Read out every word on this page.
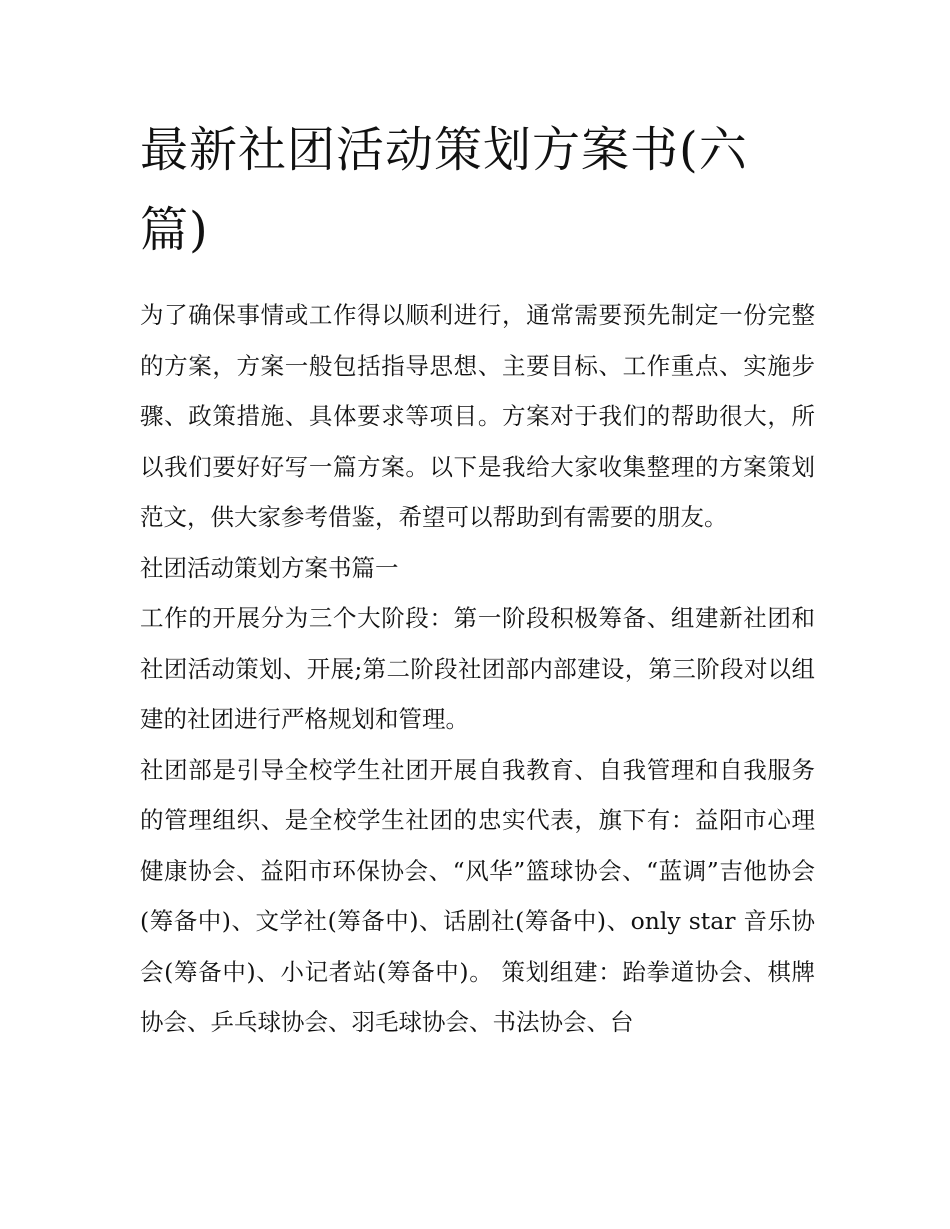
最新社团活动策划方案书(六篇)

为了确保事情或工作得以顺利进行，通常需要预先制定一份完整的方案，方案一般包括指导思想、主要目标、工作重点、实施步骤、政策措施、具体要求等项目。方案对于我们的帮助很大，所以我们要好好写一篇方案。以下是我给大家收集整理的方案策划范文，供大家参考借鉴，希望可以帮助到有需要的朋友。

社团活动策划方案书篇一

工作的开展分为三个大阶段：第一阶段积极筹备、组建新社团和社团活动策划、开展;第二阶段社团部内部建设，第三阶段对以组建的社团进行严格规划和管理。

社团部是引导全校学生社团开展自我教育、自我管理和自我服务的管理组织、是全校学生社团的忠实代表，旗下有：益阳市心理健康协会、益阳市环保协会、“风华”篮球协会、“蓝调”吉他协会(筹备中)、文学社(筹备中)、话剧社(筹备中)、only star 音乐协会(筹备中)、小记者站(筹备中)。 策划组建：跆拳道协会、棋牌协会、乒乓球协会、羽毛球协会、书法协会、台
